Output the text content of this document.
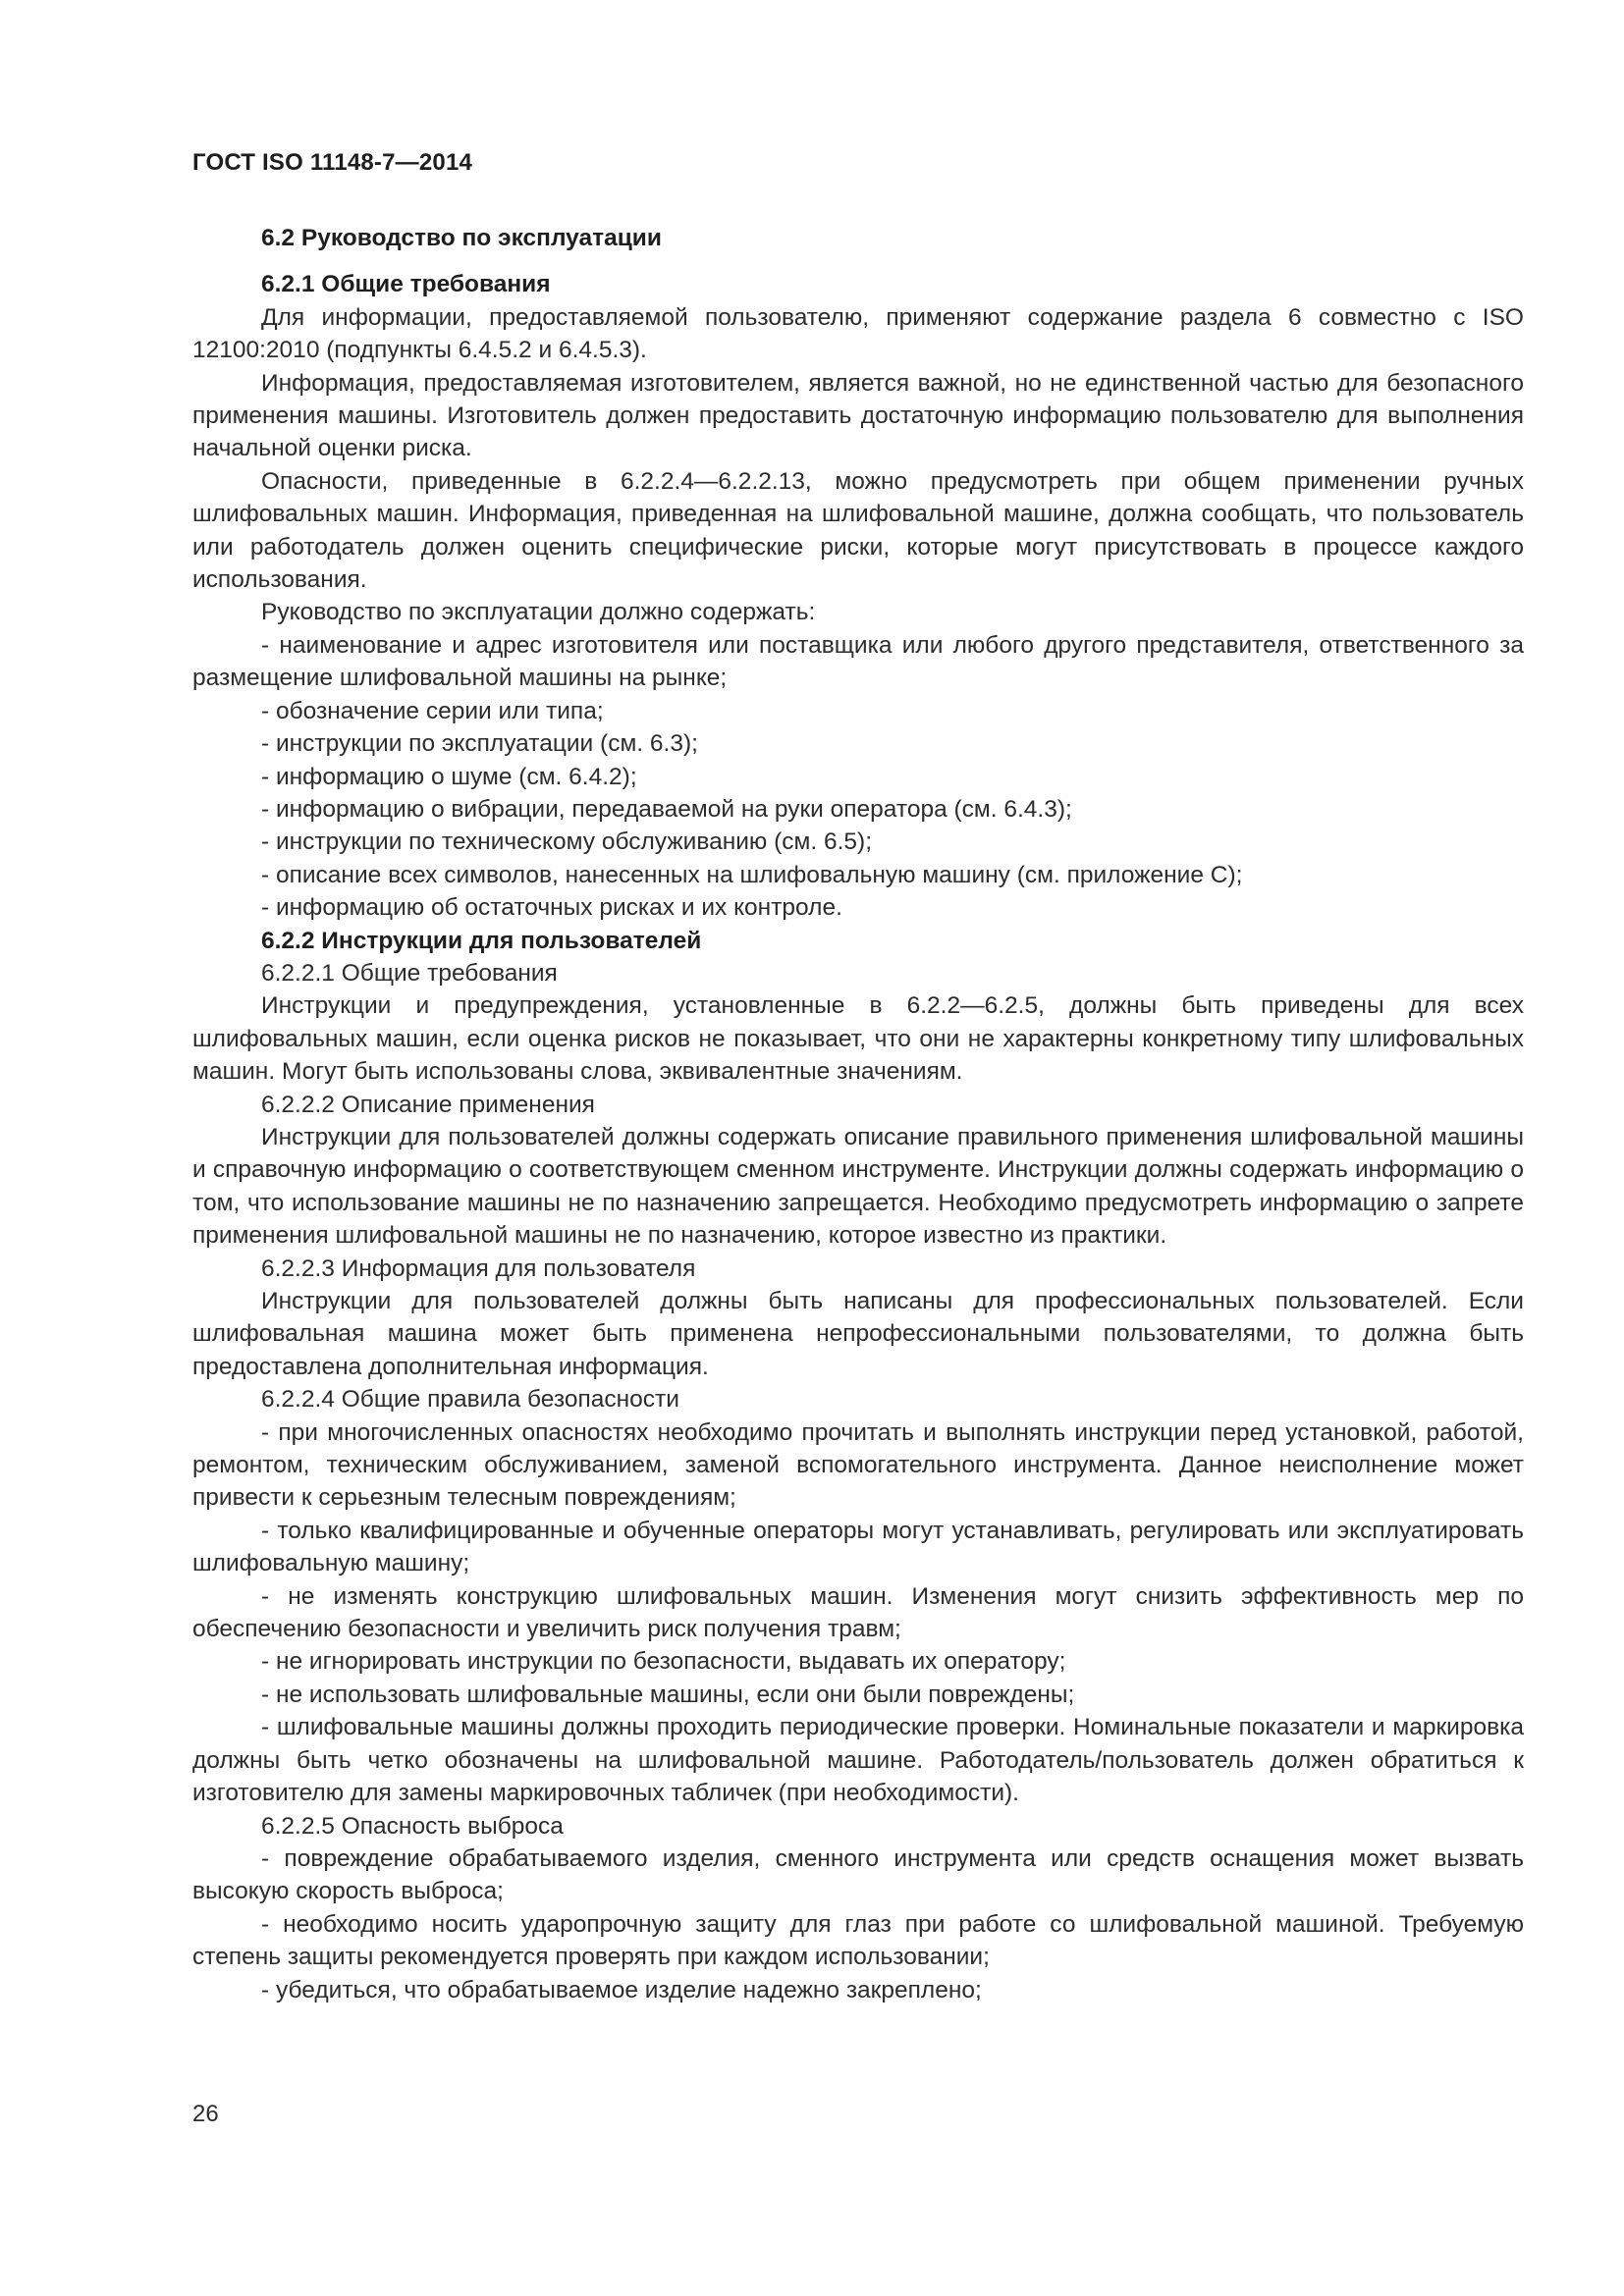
ГОСТ ISO 11148-7—2014

6.2 Руководство по эксплуатации

6.2.1 Общие требования

Для информации, предоставляемой пользователю, применяют содержание раздела 6 совместно с ISO 12100:2010 (подпункты 6.4.5.2 и 6.4.5.3).

Информация, предоставляемая изготовителем, является важной, но не единственной частью для безопасного применения машины. Изготовитель должен предоставить достаточную информацию пользователю для выполнения начальной оценки риска.

Опасности, приведенные в 6.2.2.4—6.2.2.13, можно предусмотреть при общем применении ручных шлифовальных машин. Информация, приведенная на шлифовальной машине, должна сообщать, что пользователь или работодатель должен оценить специфические риски, которые могут присутствовать в процессе каждого использования.

Руководство по эксплуатации должно содержать:

- наименование и адрес изготовителя или поставщика или любого другого представителя, ответственного за размещение шлифовальной машины на рынке;

- обозначение серии или типа;

- инструкции по эксплуатации (см. 6.3);

- информацию о шуме (см. 6.4.2);

- информацию о вибрации, передаваемой на руки оператора (см. 6.4.3);

- инструкции по техническому обслуживанию (см. 6.5);

- описание всех символов, нанесенных на шлифовальную машину (см. приложение С);

- информацию об остаточных рисках и их контроле.

6.2.2 Инструкции для пользователей

6.2.2.1 Общие требования

Инструкции и предупреждения, установленные в 6.2.2—6.2.5, должны быть приведены для всех шлифовальных машин, если оценка рисков не показывает, что они не характерны конкретному типу шлифовальных машин. Могут быть использованы слова, эквивалентные значениям.

6.2.2.2 Описание применения

Инструкции для пользователей должны содержать описание правильного применения шлифовальной машины и справочную информацию о соответствующем сменном инструменте. Инструкции должны содержать информацию о том, что использование машины не по назначению запрещается. Необходимо предусмотреть информацию о запрете применения шлифовальной машины не по назначению, которое известно из практики.

6.2.2.3 Информация для пользователя

Инструкции для пользователей должны быть написаны для профессиональных пользователей. Если шлифовальная машина может быть применена непрофессиональными пользователями, то должна быть предоставлена дополнительная информация.

6.2.2.4 Общие правила безопасности

- при многочисленных опасностях необходимо прочитать и выполнять инструкции перед установкой, работой, ремонтом, техническим обслуживанием, заменой вспомогательного инструмента. Данное неисполнение может привести к серьезным телесным повреждениям;

- только квалифицированные и обученные операторы могут устанавливать, регулировать или эксплуатировать шлифовальную машину;

- не изменять конструкцию шлифовальных машин. Изменения могут снизить эффективность мер по обеспечению безопасности и увеличить риск получения травм;

- не игнорировать инструкции по безопасности, выдавать их оператору;

- не использовать шлифовальные машины, если они были повреждены;

- шлифовальные машины должны проходить периодические проверки. Номинальные показатели и маркировка должны быть четко обозначены на шлифовальной машине. Работодатель/пользователь должен обратиться к изготовителю для замены маркировочных табличек (при необходимости).

6.2.2.5 Опасность выброса

- повреждение обрабатываемого изделия, сменного инструмента или средств оснащения может вызвать высокую скорость выброса;

- необходимо носить ударопрочную защиту для глаз при работе со шлифовальной машиной. Требуемую степень защиты рекомендуется проверять при каждом использовании;

- убедиться, что обрабатываемое изделие надежно закреплено;

26
